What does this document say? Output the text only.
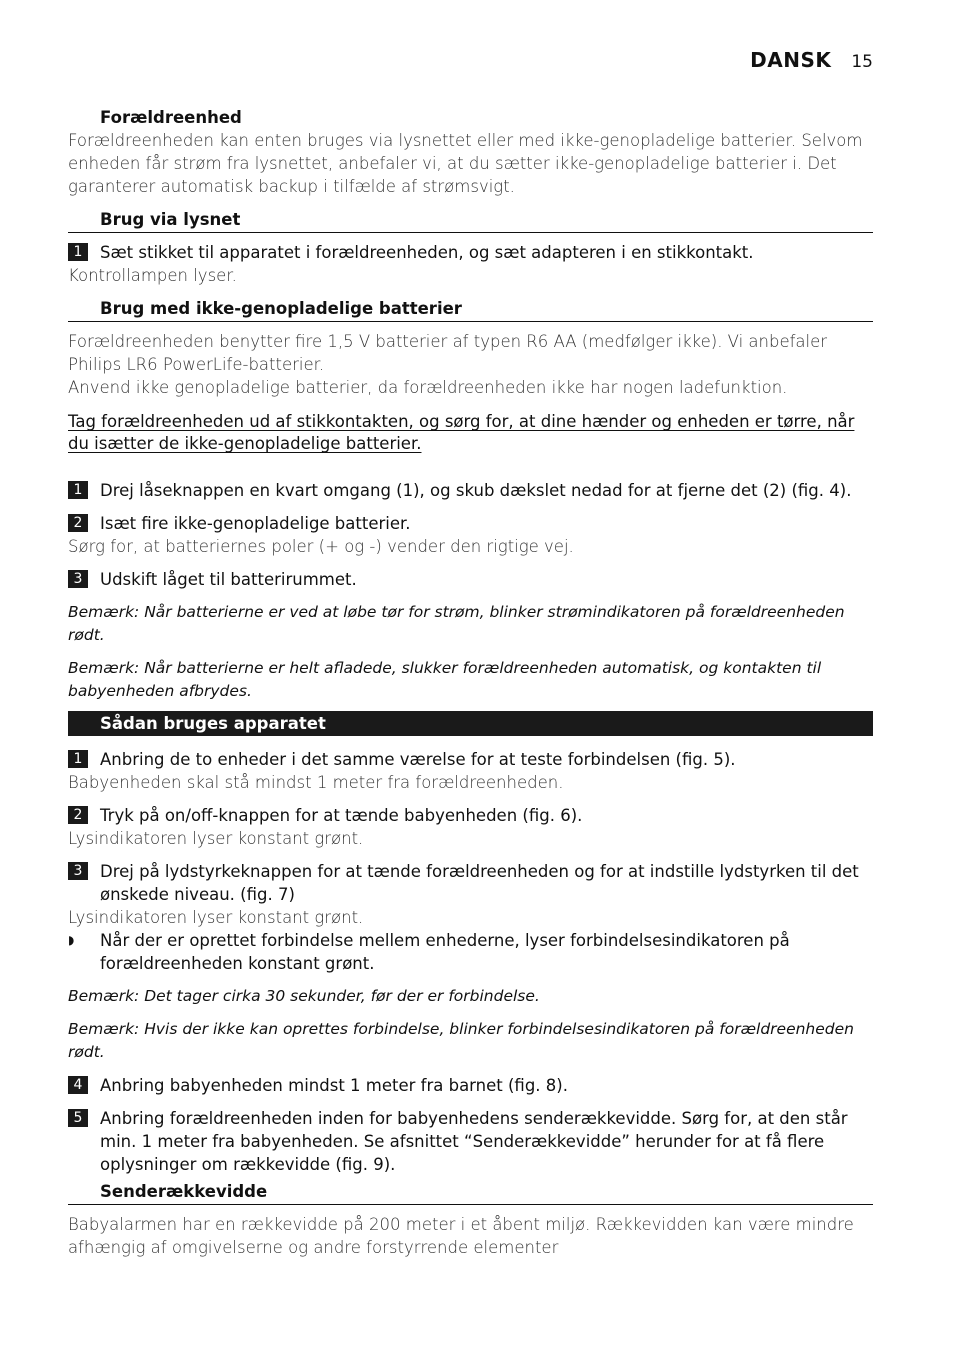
DANSK 15
Forældreenhed
Forældreenheden kan enten bruges via lysnettet eller med ikke-genopladelige batterier. Selvom enheden får strøm fra lysnettet, anbefaler vi, at du sætter ikke-genopladelige batterier i. Det garanterer automatisk backup i tilfælde af strømsvigt.
Brug via lysnet
1	Sæt stikket til apparatet i forældreenheden, og sæt adapteren i en stikkontakt.
Kontrollampen lyser.
Brug med ikke-genopladelige batterier
Forældreenheden benytter fire 1,5 V batterier af typen R6 AA (medfølger ikke). Vi anbefaler Philips LR6 PowerLife-batterier.
Anvend ikke genopladelige batterier, da forældreenheden ikke har nogen ladefunktion.
Tag forældreenheden ud af stikkontakten, og sørg for, at dine hænder og enheden er tørre, når du isætter de ikke-genopladelige batterier.
1	Drej låseknappen en kvart omgang (1), og skub dækslet nedad for at fjerne det (2) (fig. 4).
2	Isæt fire ikke-genopladelige batterier.
Sørg for, at batteriernes poler (+ og -) vender den rigtige vej.
3	Udskift låget til batterirummet.
Bemærk: Når batterierne er ved at løbe tør for strøm, blinker strømindikatoren på forældreenheden rødt.
Bemærk: Når batterierne er helt afladede, slukker forældreenheden automatisk, og kontakten til babyenheden afbrydes.
Sådan bruges apparatet
1	Anbring de to enheder i det samme værelse for at teste forbindelsen (fig. 5).
Babyenheden skal stå mindst 1 meter fra forældreenheden.
2	Tryk på on/off-knappen for at tænde babyenheden (fig. 6).
Lysindikatoren lyser konstant grønt.
3	Drej på lydstyrkeknappen for at tænde forældreenheden og for at indstille lydstyrken til det ønskede niveau. (fig. 7)
Lysindikatoren lyser konstant grønt.
◗	Når der er oprettet forbindelse mellem enhederne, lyser forbindelsesindikatoren på forældreenheden konstant grønt.
Bemærk: Det tager cirka 30 sekunder, før der er forbindelse.
Bemærk: Hvis der ikke kan oprettes forbindelse, blinker forbindelsesindikatoren på forældreenheden rødt.
4	Anbring babyenheden mindst 1 meter fra barnet (fig. 8).
5	Anbring forældreenheden inden for babyenhedens senderækkevidde. Sørg for, at den står min. 1 meter fra babyenheden. Se afsnittet “Senderækkevidde” herunder for at få flere oplysninger om rækkevidde (fig. 9).
Senderækkevidde
Babyalarmen har en rækkevidde på 200 meter i et åbent miljø. Rækkevidden kan være mindre afhængig af omgivelserne og andre forstyrrende elementer
